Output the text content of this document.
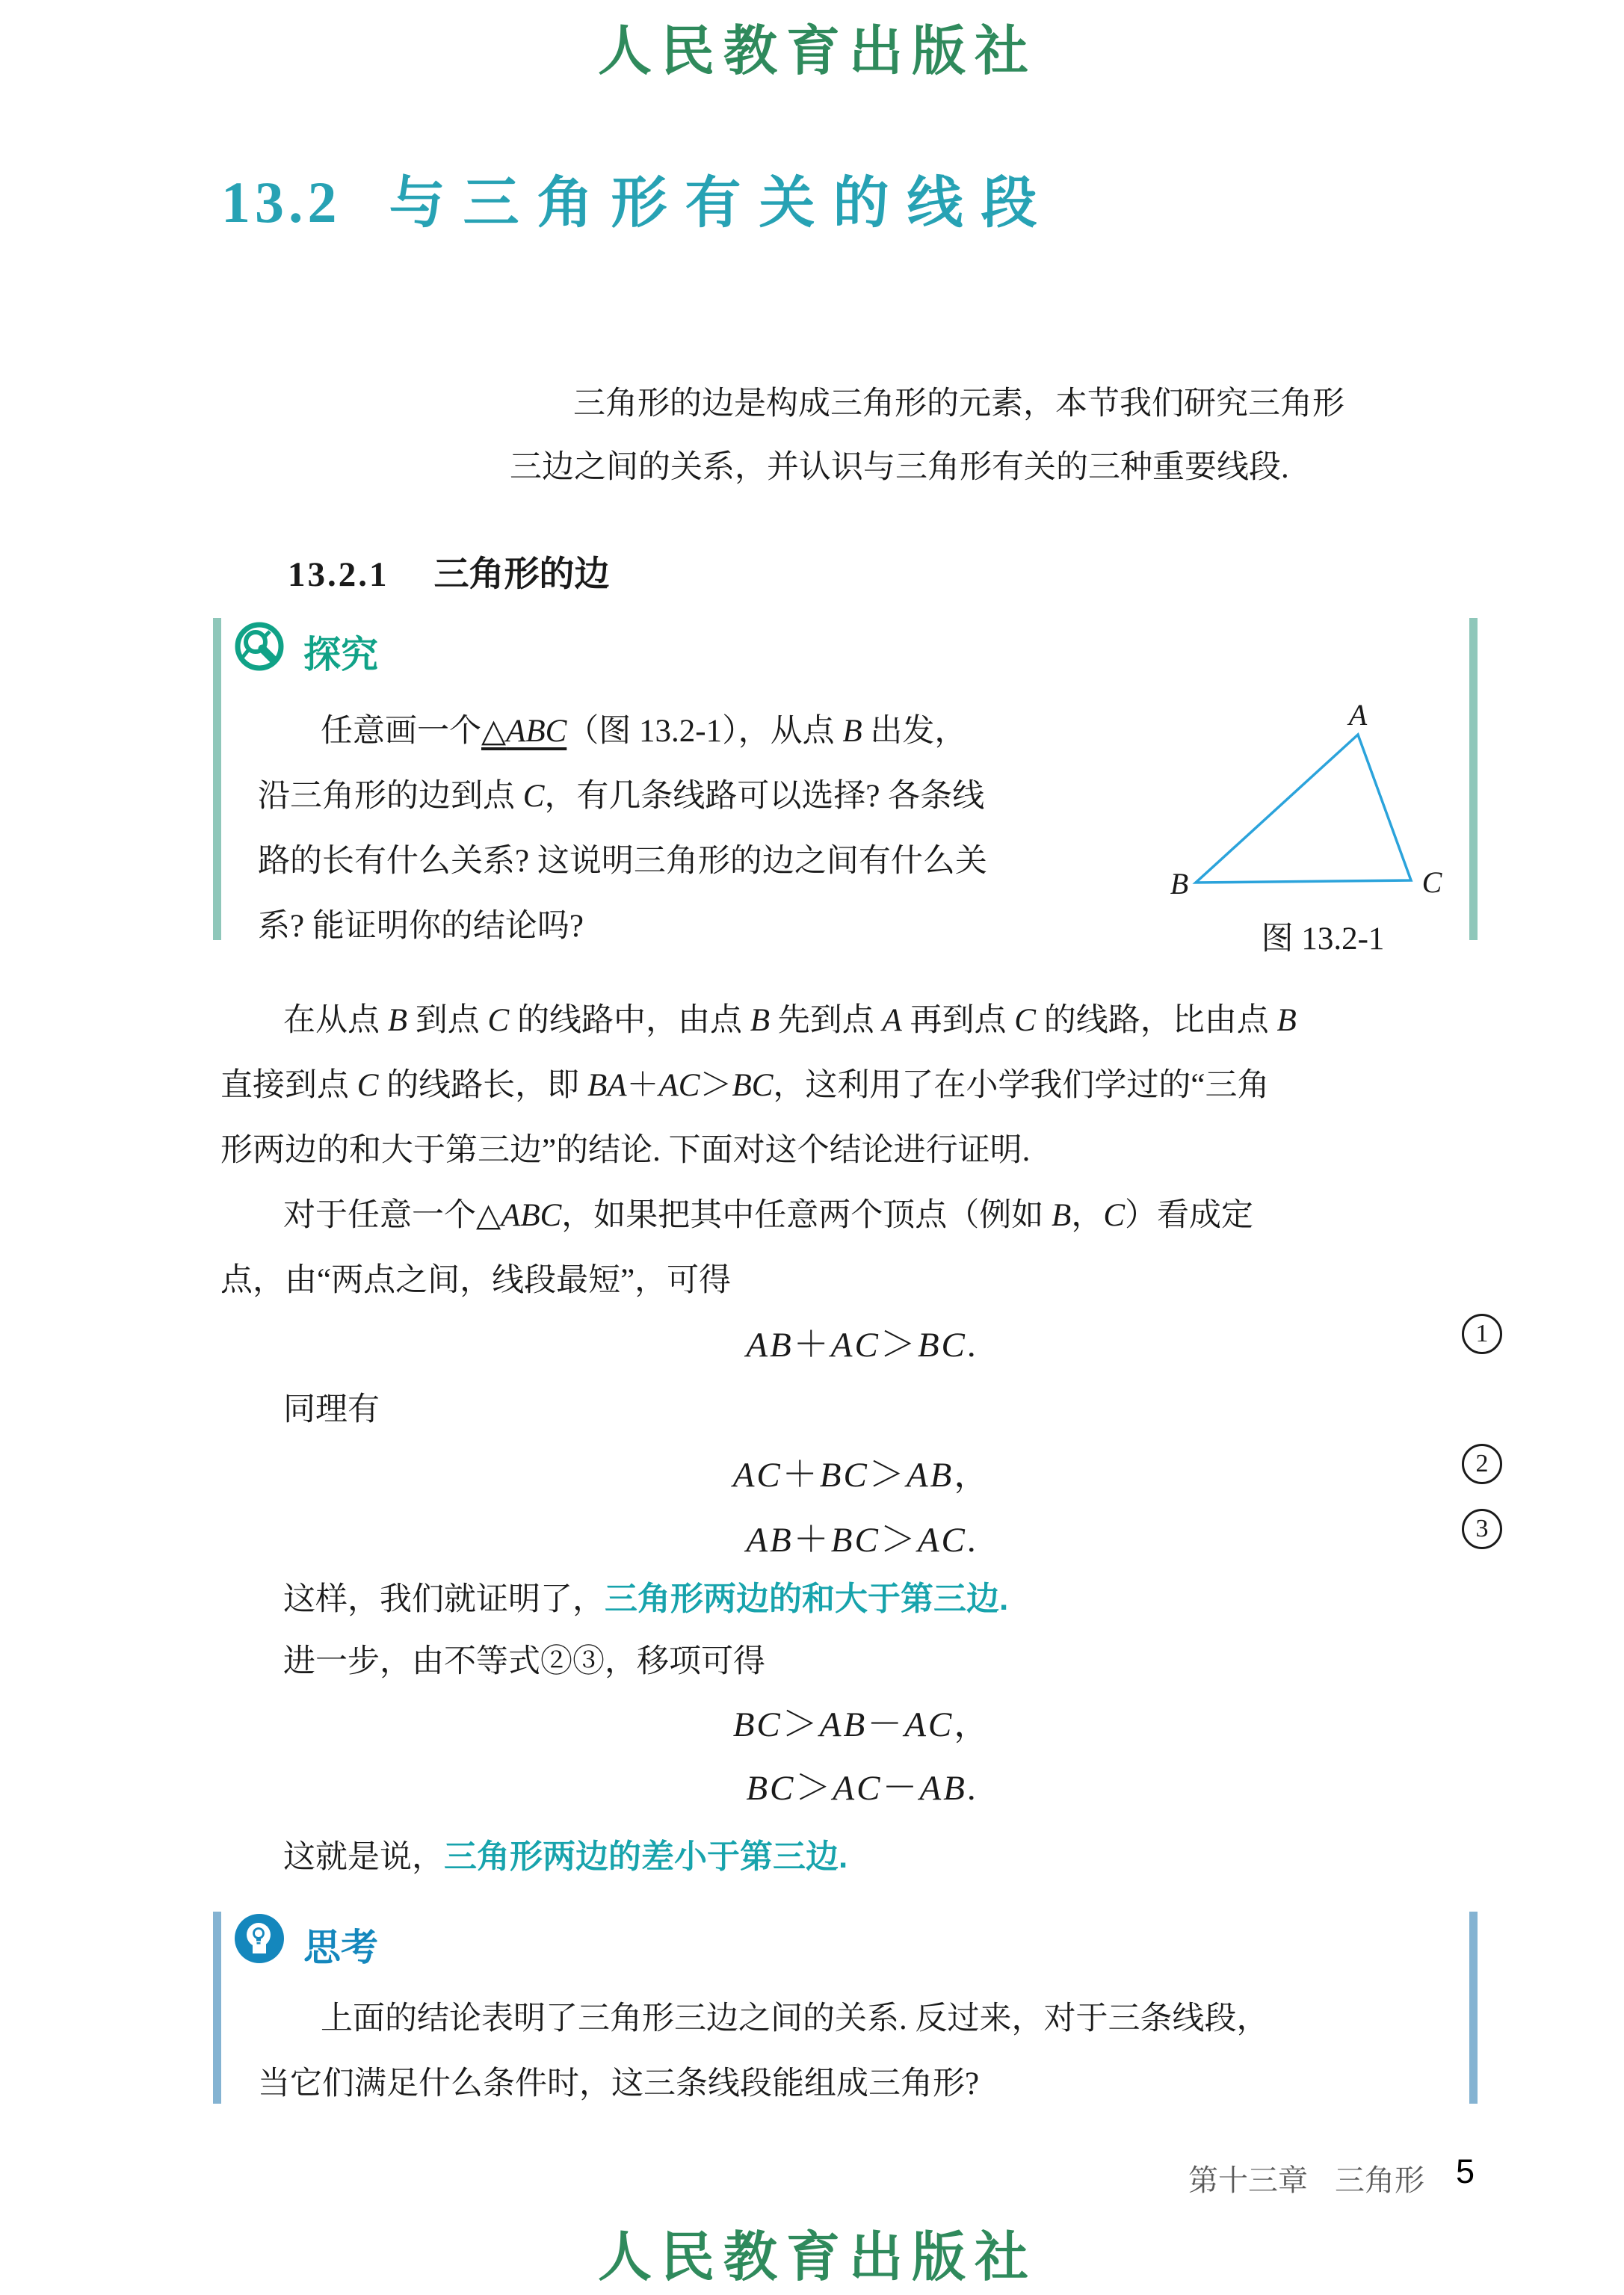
人民教育出版社
13.2 与三角形有关的线段
三角形的边是构成三角形的元素，本节我们研究三角形
三边之间的关系，并认识与三角形有关的三种重要线段.
13.2.1 三角形的边
探究
任意画一个△ABC（图 13.2-1），从点 B 出发，
沿三角形的边到点 C，有几条线路可以选择? 各条线
路的长有什么关系? 这说明三角形的边之间有什么关
系? 能证明你的结论吗?
A
B	C
图 13.2-1
在从点 B 到点 C 的线路中，由点 B 先到点 A 再到点 C 的线路，比由点 B
直接到点 C 的线路长，即 BA＋AC＞BC，这利用了在小学我们学过的“三角
形两边的和大于第三边”的结论. 下面对这个结论进行证明.
对于任意一个△ABC，如果把其中任意两个顶点（例如 B，C）看成定
点，由“两点之间，线段最短”，可得
AB＋AC＞BC.	1
同理有
AC＋BC＞AB，	2
AB＋BC＞AC.	3
这样，我们就证明了，三角形两边的和大于第三边.
进一步，由不等式②③，移项可得
BC＞AB－AC，
BC＞AC－AB.
这就是说，三角形两边的差小于第三边.
思考
上面的结论表明了三角形三边之间的关系. 反过来，对于三条线段，
当它们满足什么条件时，这三条线段能组成三角形?
第十三章 三角形 5
人民教育出版社
